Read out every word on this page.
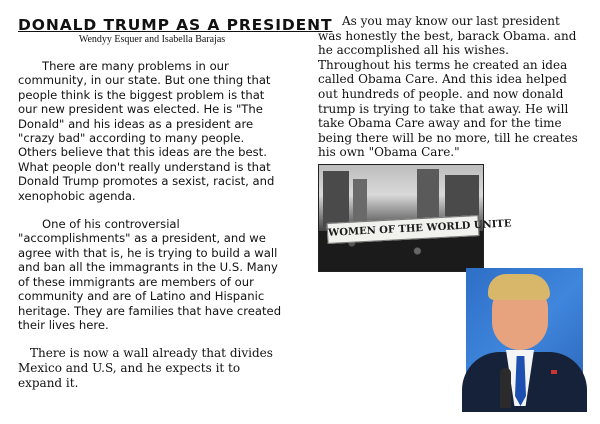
DONALD TRUMP AS A PRESIDENT

Wendyy Esquer and Isabella Barajas

There are many problems in our community, in our state. But one thing that people think is the biggest problem is that our new president was elected. He is "The Donald" and his ideas as a president are "crazy bad" according to many people. Others believe that this ideas are the best. What people don't really understand is that Donald Trump promotes a sexist, racist, and xenophobic agenda.

One of his controversial "accomplishments" as a president, and we agree with that is, he is trying to build a wall and ban all the immagrants in the U.S. Many of these immigrants are members of our community and are of Latino and Hispanic heritage. They are families that have created their lives here.

There is now a wall already that divides Mexico and U.S, and he expects it to expand it.

As you may know our last president was honestly the best, barack Obama. and he accomplished all his wishes. Throughout his terms he created an idea called Obama Care. And this idea helped out hundreds of people. and now donald trump is trying to take that away. He will take Obama Care away and for the time being there will be no more, till he creates his own "Obama Care."

WOMEN OF THE WORLD UNITE
